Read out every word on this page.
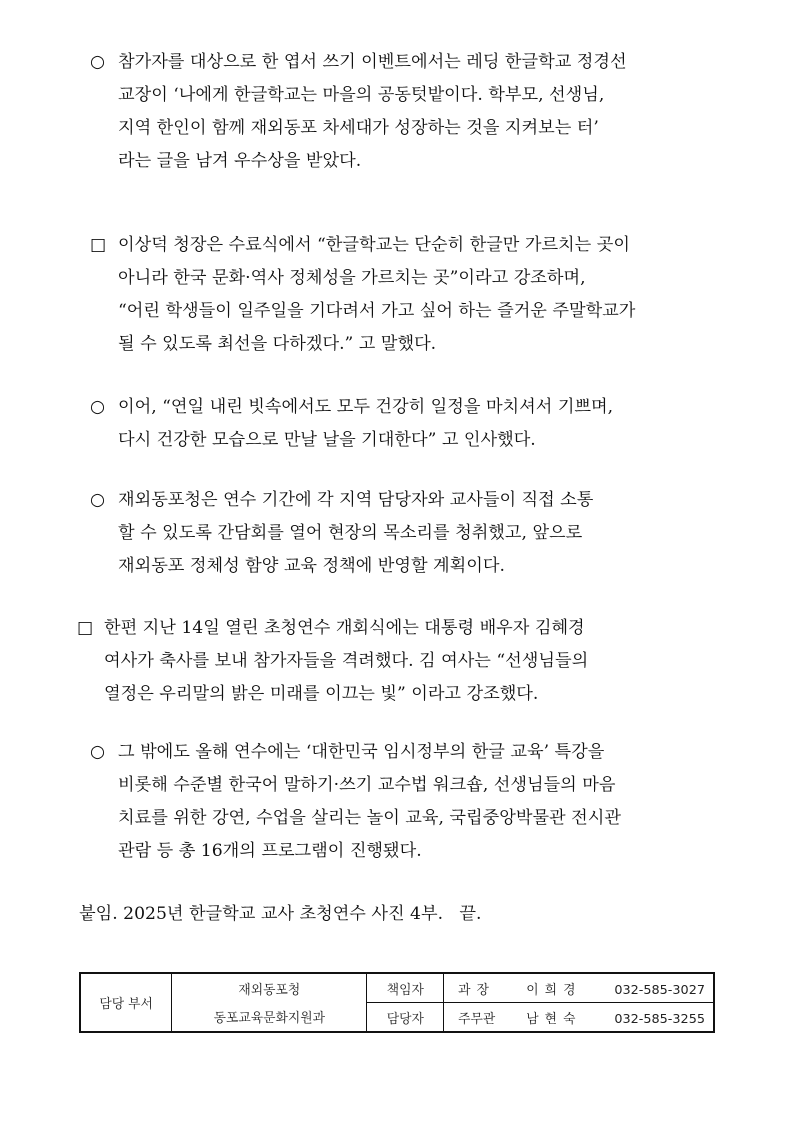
○ 참가자를 대상으로 한 엽서 쓰기 이벤트에서는 레딩 한글학교 정경선
교장이 ‘나에게 한글학교는 마을의 공동텃밭이다. 학부모, 선생님,
지역 한인이 함께 재외동포 차세대가 성장하는 것을 지켜보는 터’
라는 글을 남겨 우수상을 받았다.
□ 이상덕 청장은 수료식에서 “한글학교는 단순히 한글만 가르치는 곳이
아니라 한국 문화·역사 정체성을 가르치는 곳”이라고 강조하며,
“어린 학생들이 일주일을 기다려서 가고 싶어 하는 즐거운 주말학교가
될 수 있도록 최선을 다하겠다.” 고 말했다.
○ 이어, “연일 내린 빗속에서도 모두 건강히 일정을 마치셔서 기쁘며,
다시 건강한 모습으로 만날 날을 기대한다” 고 인사했다.
○ 재외동포청은 연수 기간에 각 지역 담당자와 교사들이 직접 소통
할 수 있도록 간담회를 열어 현장의 목소리를 청취했고, 앞으로
재외동포 정체성 함양 교육 정책에 반영할 계획이다.
□ 한편 지난 14일 열린 초청연수 개회식에는 대통령 배우자 김혜경
여사가 축사를 보내 참가자들을 격려했다. 김 여사는 “선생님들의
열정은 우리말의 밝은 미래를 이끄는 빛” 이라고 강조했다.
○ 그 밖에도 올해 연수에는 ‘대한민국 임시정부의 한글 교육’ 특강을
비롯해 수준별 한국어 말하기·쓰기 교수법 워크숍, 선생님들의 마음
치료를 위한 강연, 수업을 살리는 놀이 교육, 국립중앙박물관 전시관
관람 등 총 16개의 프로그램이 진행됐다.
붙임. 2025년 한글학교 교사 초청연수 사진 4부.   끝.
담당 부서	재외동포청	책임자	과 장 이 희 경 032-585-3027
	동포교육문화지원과	담당자	주무관 남 현 숙 032-585-3255
